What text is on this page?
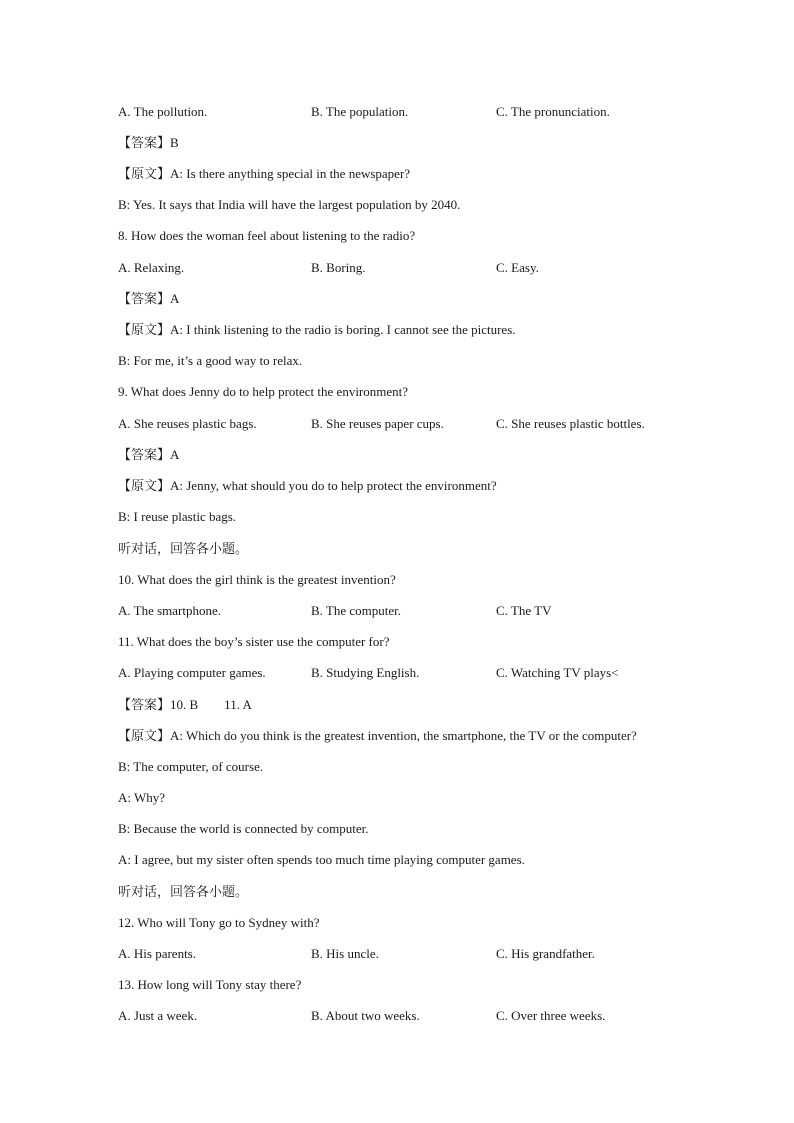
A. The pollution.	B. The population.	C. The pronunciation.
【答案】B
【原文】A: Is there anything special in the newspaper?
B: Yes. It says that India will have the largest population by 2040.
8. How does the woman feel about listening to the radio?
A. Relaxing.	B. Boring.	C. Easy.
【答案】A
【原文】A: I think listening to the radio is boring. I cannot see the pictures.
B: For me, it’s a good way to relax.
9. What does Jenny do to help protect the environment?
A. She reuses plastic bags.	B. She reuses paper cups.	C. She reuses plastic bottles.
【答案】A
【原文】A: Jenny, what should you do to help protect the environment?
B: I reuse plastic bags.
听对话，回答各小题。
10. What does the girl think is the greatest invention?
A. The smartphone.	B. The computer.	C. The TV
11. What does the boy’s sister use the computer for?
A. Playing computer games.	B. Studying English.	C. Watching TV plays<
【答案】10. B 11. A
【原文】A: Which do you think is the greatest invention, the smartphone, the TV or the computer?
B: The computer, of course.
A: Why?
B: Because the world is connected by computer.
A: I agree, but my sister often spends too much time playing computer games.
听对话，回答各小题。
12. Who will Tony go to Sydney with?
A. His parents.	B. His uncle.	C. His grandfather.
13. How long will Tony stay there?
A. Just a week.	B. About two weeks.	C. Over three weeks.
